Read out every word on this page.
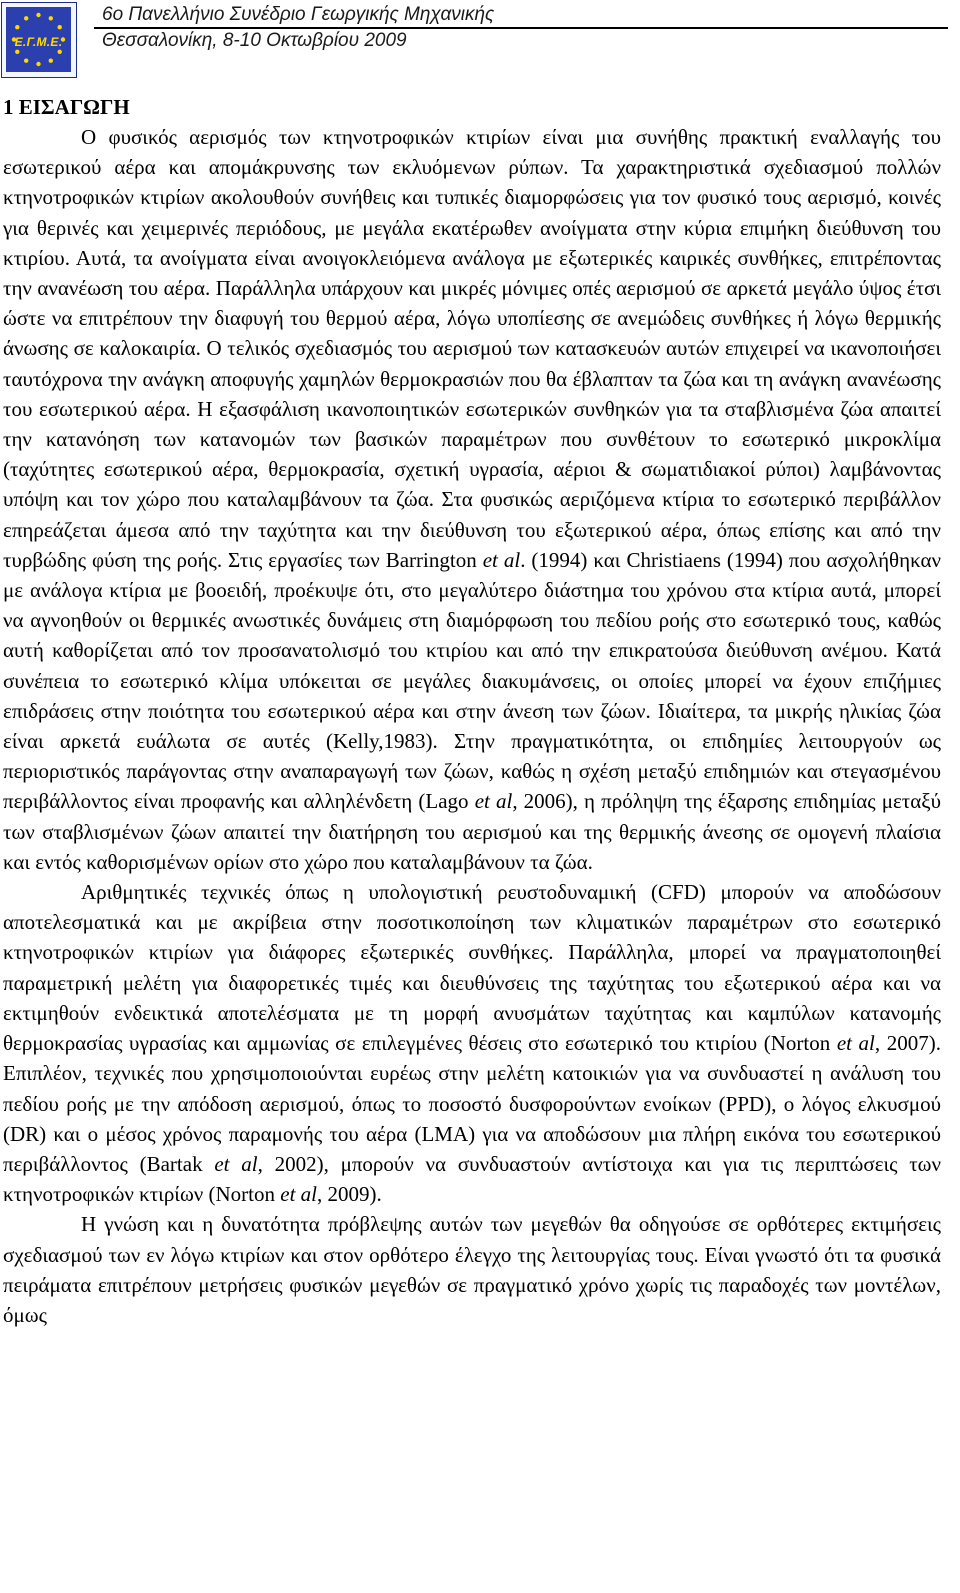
Ε.Γ.Μ.Ε.
6ο Πανελλήνιο Συνέδριο Γεωργικής Μηχανικής
Θεσσαλονίκη, 8-10 Οκτωβρίου 2009
1 ΕΙΣΑΓΩΓΗ

Ο φυσικός αερισμός των κτηνοτροφικών κτιρίων είναι μια συνήθης πρακτική εναλλαγής του εσωτερικού αέρα και απομάκρυνσης των εκλυόμενων ρύπων. Τα χαρακτηριστικά σχεδιασμού πολλών κτηνοτροφικών κτιρίων ακολουθούν συνήθεις και τυπικές διαμορφώσεις για τον φυσικό τους αερισμό, κοινές για θερινές και χειμερινές περιόδους, με μεγάλα εκατέρωθεν ανοίγματα στην κύρια επιμήκη διεύθυνση του κτιρίου. Αυτά, τα ανοίγματα είναι ανοιγοκλειόμενα ανάλογα με εξωτερικές καιρικές συνθήκες, επιτρέποντας την ανανέωση του αέρα. Παράλληλα υπάρχουν και μικρές μόνιμες οπές αερισμού σε αρκετά μεγάλο ύψος έτσι ώστε να επιτρέπουν την διαφυγή του θερμού αέρα, λόγω υποπίεσης σε ανεμώδεις συνθήκες ή λόγω θερμικής άνωσης σε καλοκαιρία. Ο τελικός σχεδιασμός του αερισμού των κατασκευών αυτών επιχειρεί να ικανοποιήσει ταυτόχρονα την ανάγκη αποφυγής χαμηλών θερμοκρασιών που θα έβλαπταν τα ζώα και τη ανάγκη ανανέωσης του εσωτερικού αέρα. Η εξασφάλιση ικανοποιητικών εσωτερικών συνθηκών για τα σταβλισμένα ζώα απαιτεί την κατανόηση των κατανομών των βασικών παραμέτρων που συνθέτουν το εσωτερικό μικροκλίμα (ταχύτητες εσωτερικού αέρα, θερμοκρασία, σχετική υγρασία, αέριοι & σωματιδιακοί ρύποι) λαμβάνοντας υπόψη και τον χώρο που καταλαμβάνουν τα ζώα. Στα φυσικώς αεριζόμενα κτίρια το εσωτερικό περιβάλλον επηρεάζεται άμεσα από την ταχύτητα και την διεύθυνση του εξωτερικού αέρα, όπως επίσης και από την τυρβώδης φύση της ροής. Στις εργασίες των Barrington et al. (1994) και Christiaens (1994) που ασχολήθηκαν με ανάλογα κτίρια με βοοειδή, προέκυψε ότι, στο μεγαλύτερο διάστημα του χρόνου στα κτίρια αυτά, μπορεί να αγνοηθούν οι θερμικές ανωστικές δυνάμεις στη διαμόρφωση του πεδίου ροής στο εσωτερικό τους, καθώς αυτή καθορίζεται από τον προσανατολισμό του κτιρίου και από την επικρατούσα διεύθυνση ανέμου. Κατά συνέπεια το εσωτερικό κλίμα υπόκειται σε μεγάλες διακυμάνσεις, οι οποίες μπορεί να έχουν επιζήμιες επιδράσεις στην ποιότητα του εσωτερικού αέρα και στην άνεση των ζώων. Ιδιαίτερα, τα μικρής ηλικίας ζώα είναι αρκετά ευάλωτα σε αυτές (Kelly,1983). Στην πραγματικότητα, οι επιδημίες λειτουργούν ως περιοριστικός παράγοντας στην αναπαραγωγή των ζώων, καθώς η σχέση μεταξύ επιδημιών και στεγασμένου περιβάλλοντος είναι προφανής και αλληλένδετη (Lago et al, 2006), η πρόληψη της έξαρσης επιδημίας μεταξύ των σταβλισμένων ζώων απαιτεί την διατήρηση του αερισμού και της θερμικής άνεσης σε ομογενή πλαίσια και εντός καθορισμένων ορίων στο χώρο που καταλαμβάνουν τα ζώα.

Αριθμητικές τεχνικές όπως η υπολογιστική ρευστοδυναμική (CFD) μπορούν να αποδώσουν αποτελεσματικά και με ακρίβεια στην ποσοτικοποίηση των κλιματικών παραμέτρων στο εσωτερικό κτηνοτροφικών κτιρίων για διάφορες εξωτερικές συνθήκες. Παράλληλα, μπορεί να πραγματοποιηθεί παραμετρική μελέτη για διαφορετικές τιμές και διευθύνσεις της ταχύτητας του εξωτερικού αέρα και να εκτιμηθούν ενδεικτικά αποτελέσματα με τη μορφή ανυσμάτων ταχύτητας και καμπύλων κατανομής θερμοκρασίας υγρασίας και αμμωνίας σε επιλεγμένες θέσεις στο εσωτερικό του κτιρίου (Norton et al, 2007). Επιπλέον, τεχνικές που χρησιμοποιούνται ευρέως στην μελέτη κατοικιών για να συνδυαστεί η ανάλυση του πεδίου ροής με την απόδοση αερισμού, όπως το ποσοστό δυσφορούντων ενοίκων (PPD), ο λόγος ελκυσμού (DR) και ο μέσος χρόνος παραμονής του αέρα (LMA) για να αποδώσουν μια πλήρη εικόνα του εσωτερικού περιβάλλοντος (Bartak et al, 2002), μπορούν να συνδυαστούν αντίστοιχα και για τις περιπτώσεις των κτηνοτροφικών κτιρίων (Norton et al, 2009).

Η γνώση και η δυνατότητα πρόβλεψης αυτών των μεγεθών θα οδηγούσε σε ορθότερες εκτιμήσεις σχεδιασμού των εν λόγω κτιρίων και στον ορθότερο έλεγχο της λειτουργίας τους. Είναι γνωστό ότι τα φυσικά πειράματα επιτρέπουν μετρήσεις φυσικών μεγεθών σε πραγματικό χρόνο χωρίς τις παραδοχές των μοντέλων, όμως
